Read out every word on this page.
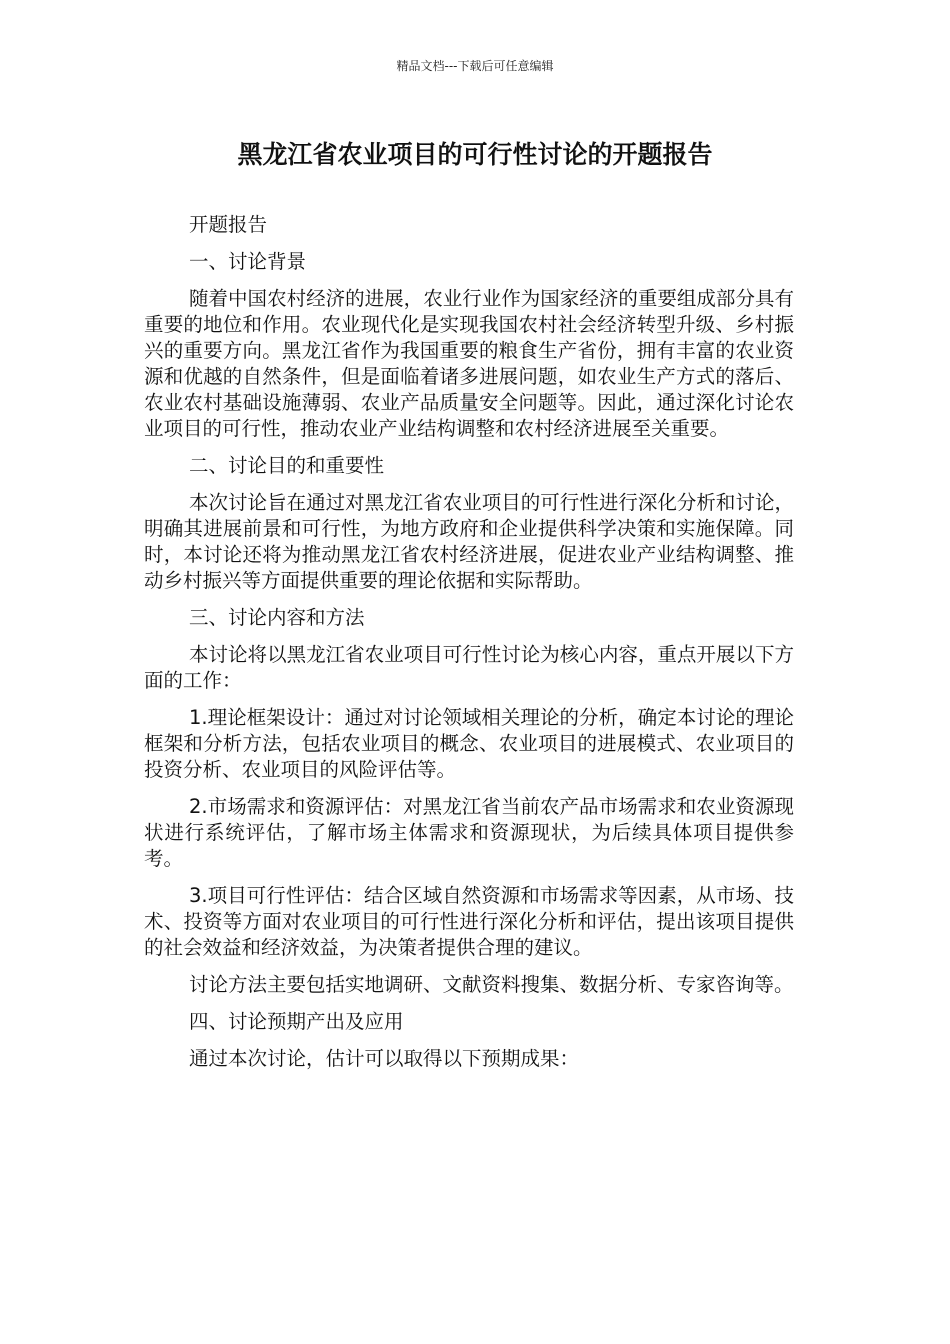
精品文档---下载后可任意编辑
黑龙江省农业项目的可行性讨论的开题报告

开题报告

一、讨论背景

随着中国农村经济的进展，农业行业作为国家经济的重要组成部分具有重要的地位和作用。农业现代化是实现我国农村社会经济转型升级、乡村振兴的重要方向。黑龙江省作为我国重要的粮食生产省份，拥有丰富的农业资源和优越的自然条件，但是面临着诸多进展问题，如农业生产方式的落后、农业农村基础设施薄弱、农业产品质量安全问题等。因此，通过深化讨论农业项目的可行性，推动农业产业结构调整和农村经济进展至关重要。

二、讨论目的和重要性

本次讨论旨在通过对黑龙江省农业项目的可行性进行深化分析和讨论，明确其进展前景和可行性，为地方政府和企业提供科学决策和实施保障。同时，本讨论还将为推动黑龙江省农村经济进展，促进农业产业结构调整、推动乡村振兴等方面提供重要的理论依据和实际帮助。

三、讨论内容和方法

本讨论将以黑龙江省农业项目可行性讨论为核心内容，重点开展以下方面的工作：

1.理论框架设计：通过对讨论领域相关理论的分析，确定本讨论的理论框架和分析方法，包括农业项目的概念、农业项目的进展模式、农业项目的投资分析、农业项目的风险评估等。

2.市场需求和资源评估：对黑龙江省当前农产品市场需求和农业资源现状进行系统评估，了解市场主体需求和资源现状，为后续具体项目提供参考。

3.项目可行性评估：结合区域自然资源和市场需求等因素，从市场、技术、投资等方面对农业项目的可行性进行深化分析和评估，提出该项目提供的社会效益和经济效益，为决策者提供合理的建议。

讨论方法主要包括实地调研、文献资料搜集、数据分析、专家咨询等。

四、讨论预期产出及应用

通过本次讨论，估计可以取得以下预期成果：
